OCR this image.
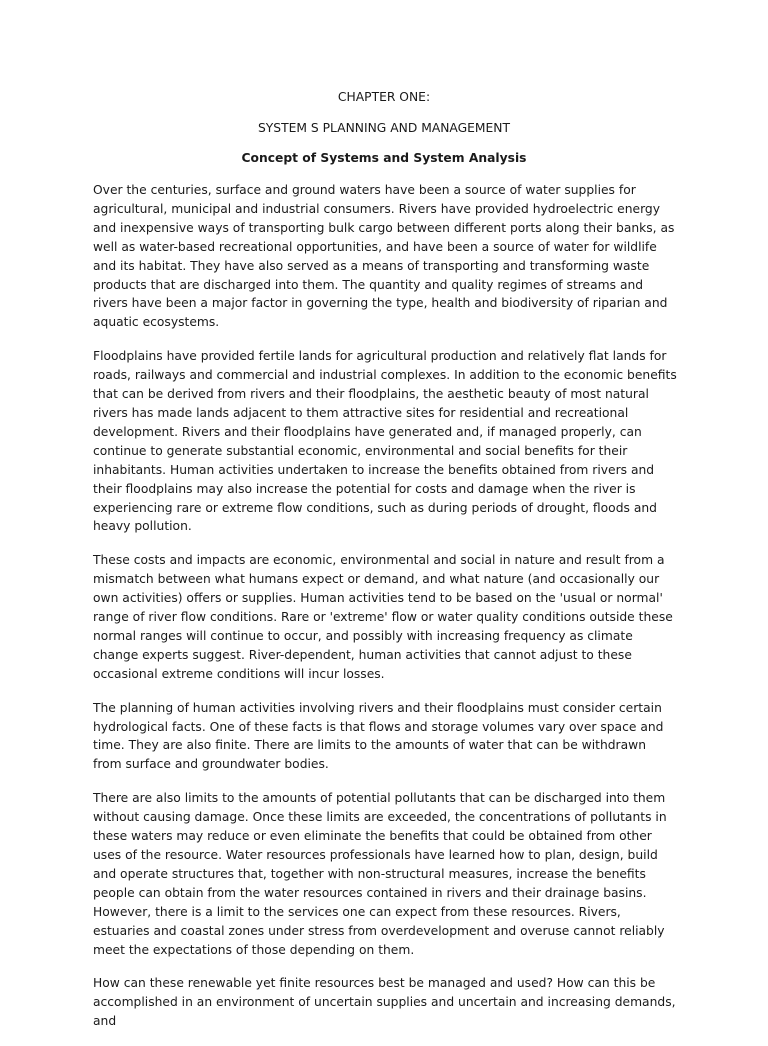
CHAPTER ONE:

SYSTEM S PLANNING AND MANAGEMENT

Concept of Systems and System Analysis

Over the centuries, surface and ground waters have been a source of water supplies for agricultural, municipal and industrial consumers. Rivers have provided hydroelectric energy and inexpensive ways of transporting bulk cargo between different ports along their banks, as well as water-based recreational opportunities, and have been a source of water for wildlife and its habitat. They have also served as a means of transporting and transforming waste products that are discharged into them. The quantity and quality regimes of streams and rivers have been a major factor in governing the type, health and biodiversity of riparian and aquatic ecosystems.

Floodplains have provided fertile lands for agricultural production and relatively flat lands for roads, railways and commercial and industrial complexes. In addition to the economic benefits that can be derived from rivers and their floodplains, the aesthetic beauty of most natural rivers has made lands adjacent to them attractive sites for residential and recreational development. Rivers and their floodplains have generated and, if managed properly, can continue to generate substantial economic, environmental and social benefits for their inhabitants. Human activities undertaken to increase the benefits obtained from rivers and their floodplains may also increase the potential for costs and damage when the river is experiencing rare or extreme flow conditions, such as during periods of drought, floods and heavy pollution.

These costs and impacts are economic, environmental and social in nature and result from a mismatch between what humans expect or demand, and what nature (and occasionally our own activities) offers or supplies. Human activities tend to be based on the 'usual or normal' range of river flow conditions. Rare or 'extreme' flow or water quality conditions outside these normal ranges will continue to occur, and possibly with increasing frequency as climate change experts suggest. River-dependent, human activities that cannot adjust to these occasional extreme conditions will incur losses.

The planning of human activities involving rivers and their floodplains must consider certain hydrological facts. One of these facts is that flows and storage volumes vary over space and time. They are also finite. There are limits to the amounts of water that can be withdrawn from surface and groundwater bodies.

There are also limits to the amounts of potential pollutants that can be discharged into them without causing damage. Once these limits are exceeded, the concentrations of pollutants in these waters may reduce or even eliminate the benefits that could be obtained from other uses of the resource. Water resources professionals have learned how to plan, design, build and operate structures that, together with non-structural measures, increase the benefits people can obtain from the water resources contained in rivers and their drainage basins. However, there is a limit to the services one can expect from these resources. Rivers, estuaries and coastal zones under stress from overdevelopment and overuse cannot reliably meet the expectations of those depending on them.

How can these renewable yet finite resources best be managed and used? How can this be accomplished in an environment of uncertain supplies and uncertain and increasing demands, and
